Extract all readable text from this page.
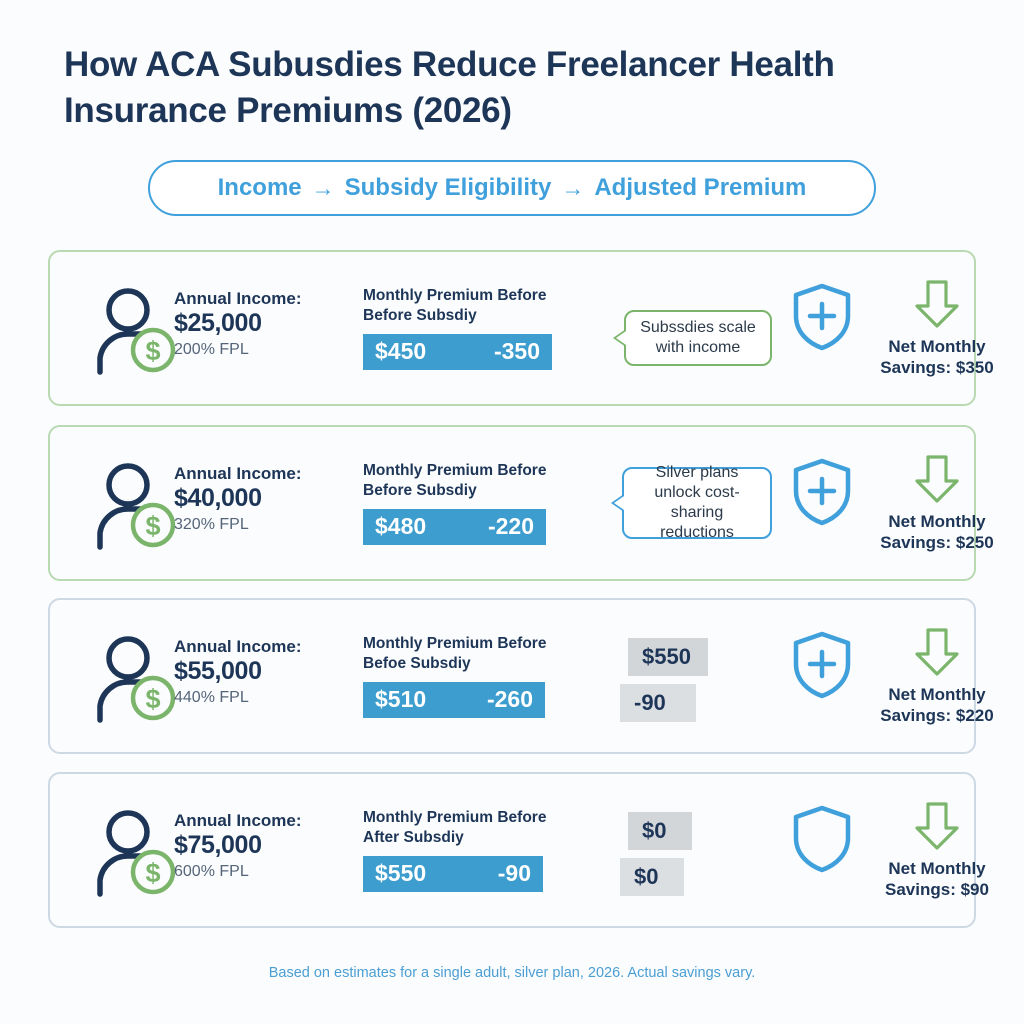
How ACA Subusdies Reduce Freelancer Health Insurance Premiums (2026)
Income → Subsidy Eligibility → Adjusted Premium
$
Annual Income:
$25,000
200% FPL
Monthly Premium Before
Before Subsdiy
$450	-350
Subssdies scale with income	Net Monthly
Savings: $350
$
Annual Income:
$40,000
320% FPL
Monthly Premium Before
Before Subsdiy
$480	-220
Silver plans unlock cost-sharing reductions
Net Monthly
Savings: $250
$
Annual Income:
$55,000
440% FPL
Monthly Premium Before
Befoe Subsdiy
$510	-260
$550
-90	Net Monthly
Savings: $220
$
Annual Income:
$75,000
600% FPL
Monthly Premium Before
After Subsdiy
$550	-90
$0
$0	Net Monthly
Savings: $90
Based on estimates for a single adult, silver plan, 2026. Actual savings vary.
